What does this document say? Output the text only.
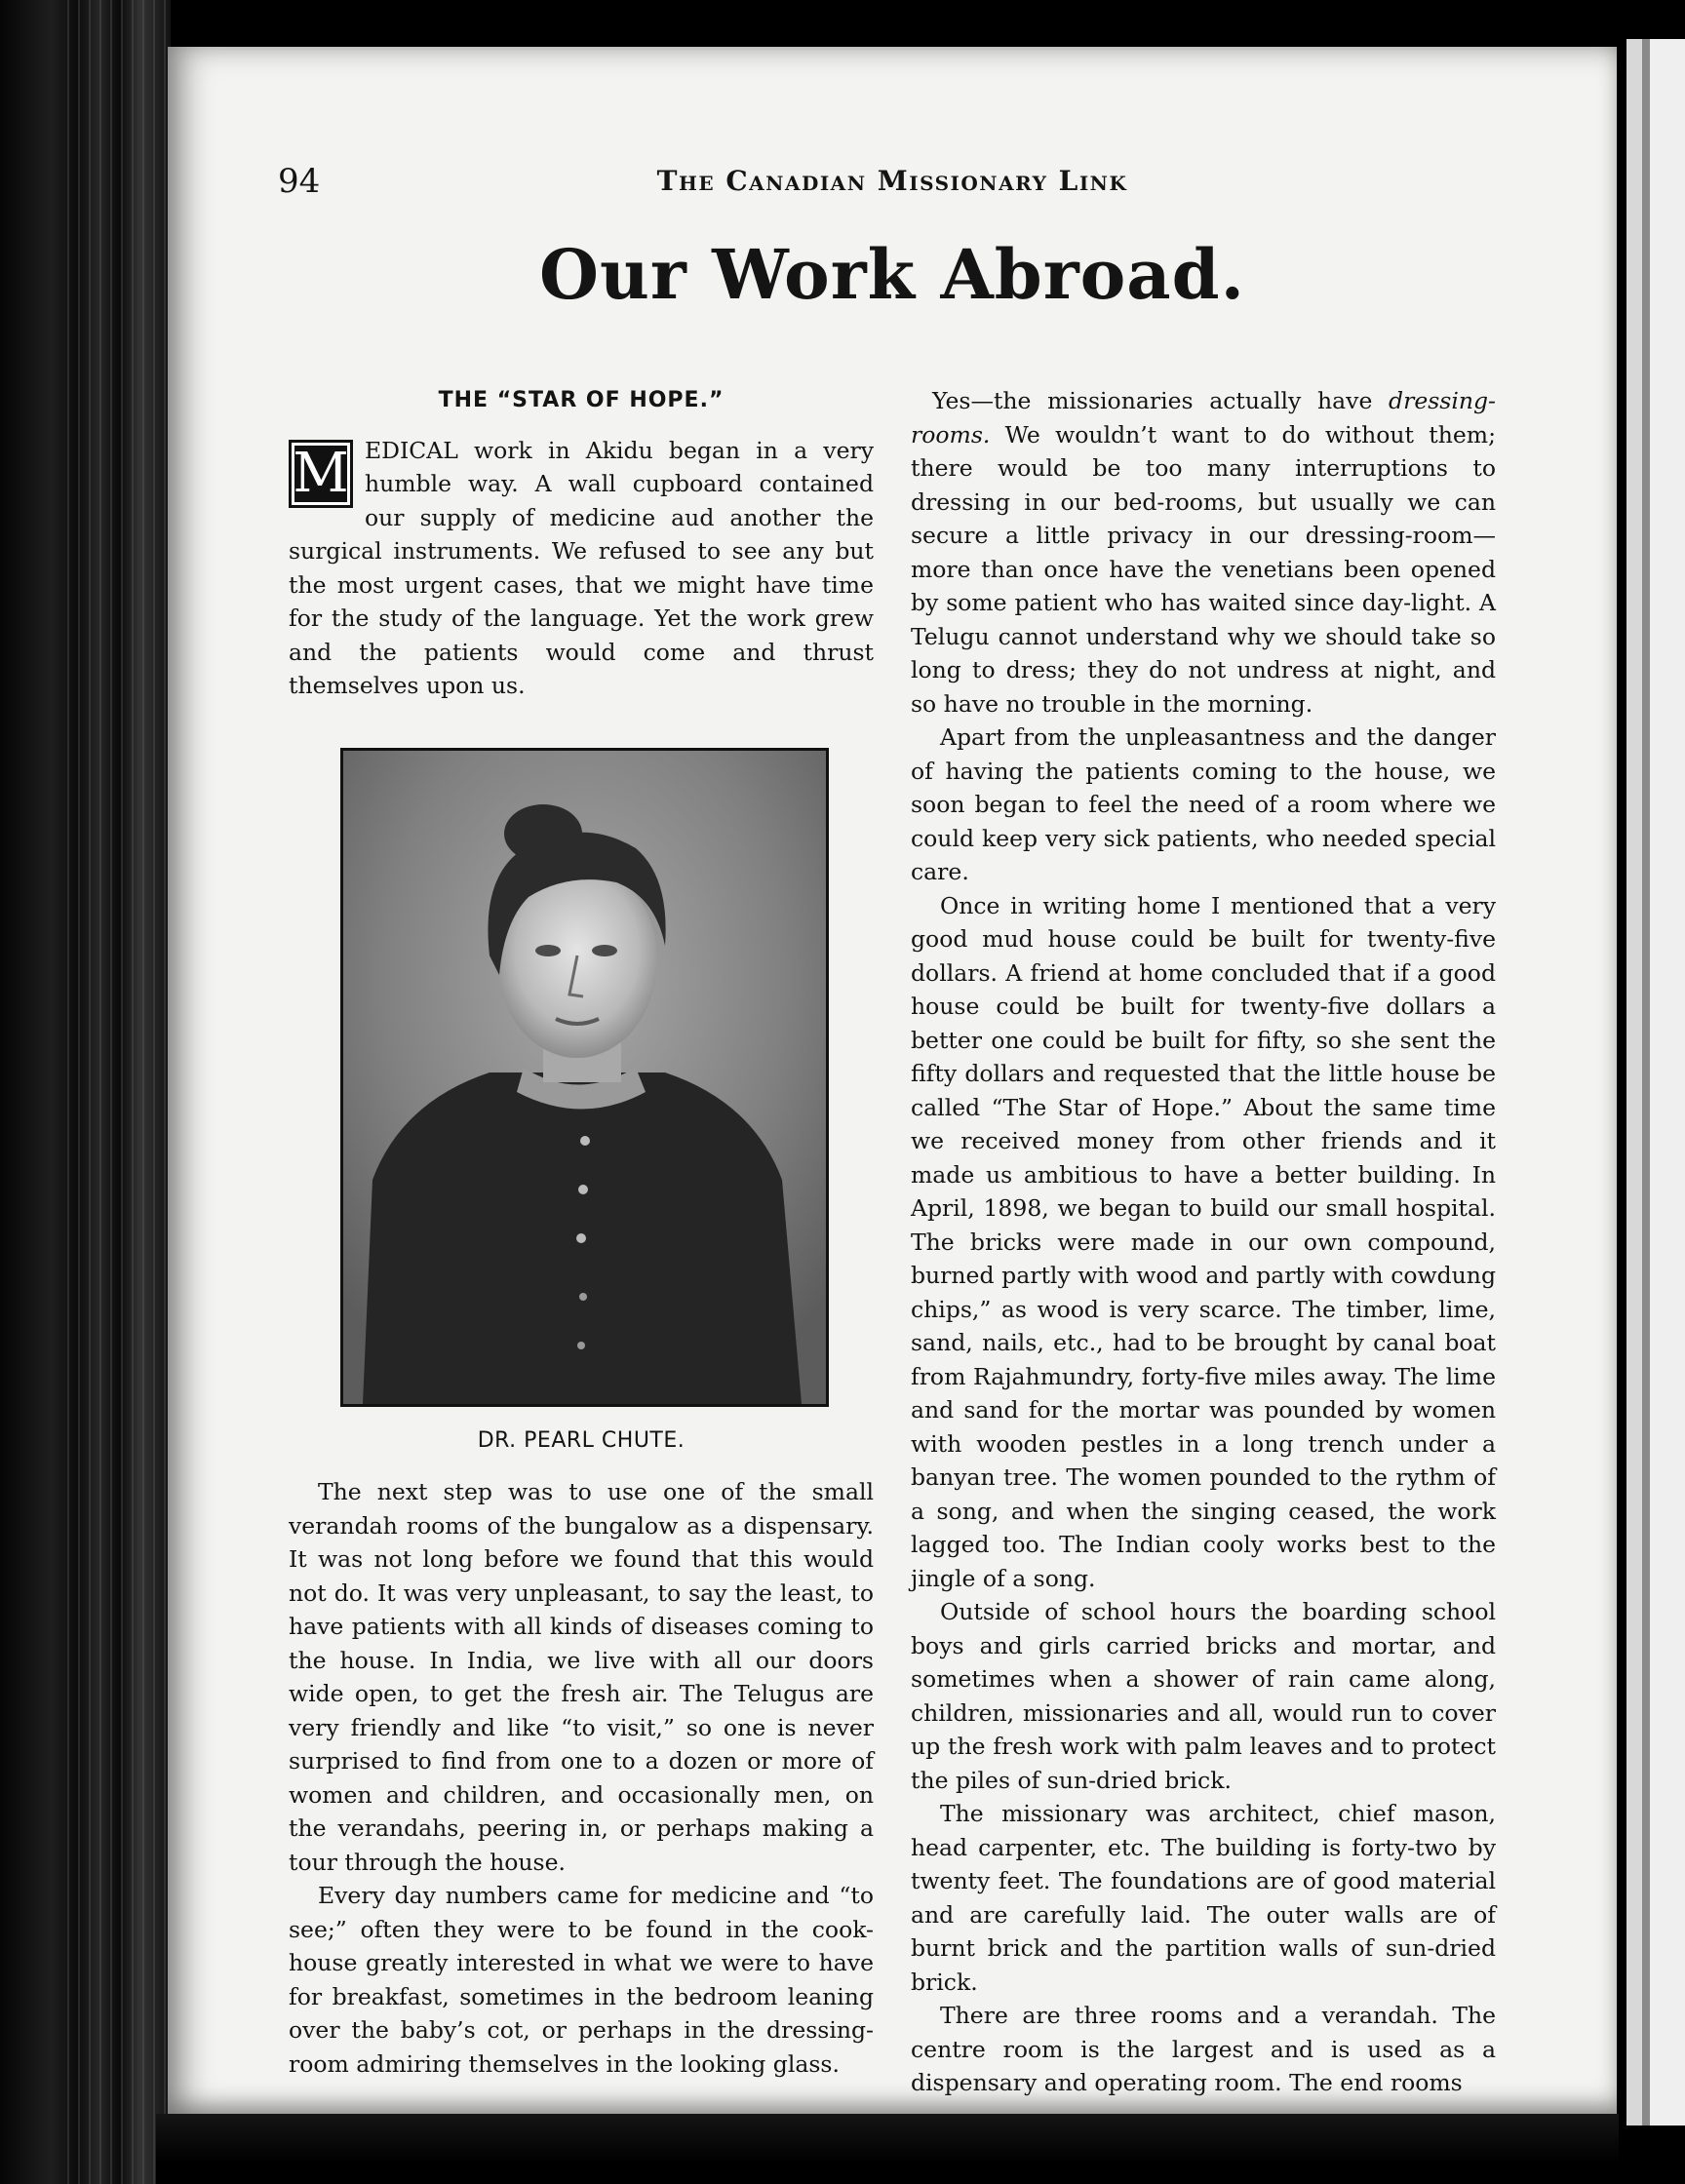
94	The Canadian Missionary Link
Our Work Abroad.
THE “STAR OF HOPE.”

M EDICAL work in Akidu began in a very humble way. A wall cupboard contained our supply of medicine aud another the surgical instruments. We refused to see any but the most urgent cases, that we might have time for the study of the language. Yet the work grew and the patients would come and thrust themselves upon us.

DR. PEARL CHUTE.

The next step was to use one of the small verandah rooms of the bungalow as a dispensary. It was not long before we found that this would not do. It was very unpleasant, to say the least, to have patients with all kinds of diseases coming to the house. In India, we live with all our doors wide open, to get the fresh air. The Telugus are very friendly and like “to visit,” so one is never surprised to find from one to a dozen or more of women and children, and occasionally men, on the verandahs, peering in, or perhaps making a tour through the house.

Every day numbers came for medicine and “to see;” often they were to be found in the cook-house greatly interested in what we were to have for breakfast, sometimes in the bedroom leaning over the baby’s cot, or perhaps in the dressing-room admiring themselves in the looking glass.

Yes—the missionaries actually have dressing-rooms. We wouldn’t want to do without them; there would be too many interruptions to dressing in our bed-rooms, but usually we can secure a little privacy in our dressing-room—more than once have the venetians been opened by some patient who has waited since day-light. A Telugu cannot understand why we should take so long to dress; they do not undress at night, and so have no trouble in the morning.

Apart from the unpleasantness and the danger of having the patients coming to the house, we soon began to feel the need of a room where we could keep very sick patients, who needed special care.

Once in writing home I mentioned that a very good mud house could be built for twenty-five dollars. A friend at home concluded that if a good house could be built for twenty-five dollars a better one could be built for fifty, so she sent the fifty dollars and requested that the little house be called “The Star of Hope.” About the same time we received money from other friends and it made us ambitious to have a better building. In April, 1898, we began to build our small hospital. The bricks were made in our own compound, burned partly with wood and partly with cowdung chips,” as wood is very scarce. The timber, lime, sand, nails, etc., had to be brought by canal boat from Rajahmundry, forty-five miles away. The lime and sand for the mortar was pounded by women with wooden pestles in a long trench under a banyan tree. The women pounded to the rythm of a song, and when the singing ceased, the work lagged too. The Indian cooly works best to the jingle of a song.

Outside of school hours the boarding school boys and girls carried bricks and mortar, and sometimes when a shower of rain came along, children, missionaries and all, would run to cover up the fresh work with palm leaves and to protect the piles of sun-dried brick.

The missionary was architect, chief mason, head carpenter, etc. The building is forty-two by twenty feet. The foundations are of good material and are carefully laid. The outer walls are of burnt brick and the partition walls of sun-dried brick.

There are three rooms and a verandah. The centre room is the largest and is used as a dispensary and operating room. The end rooms
